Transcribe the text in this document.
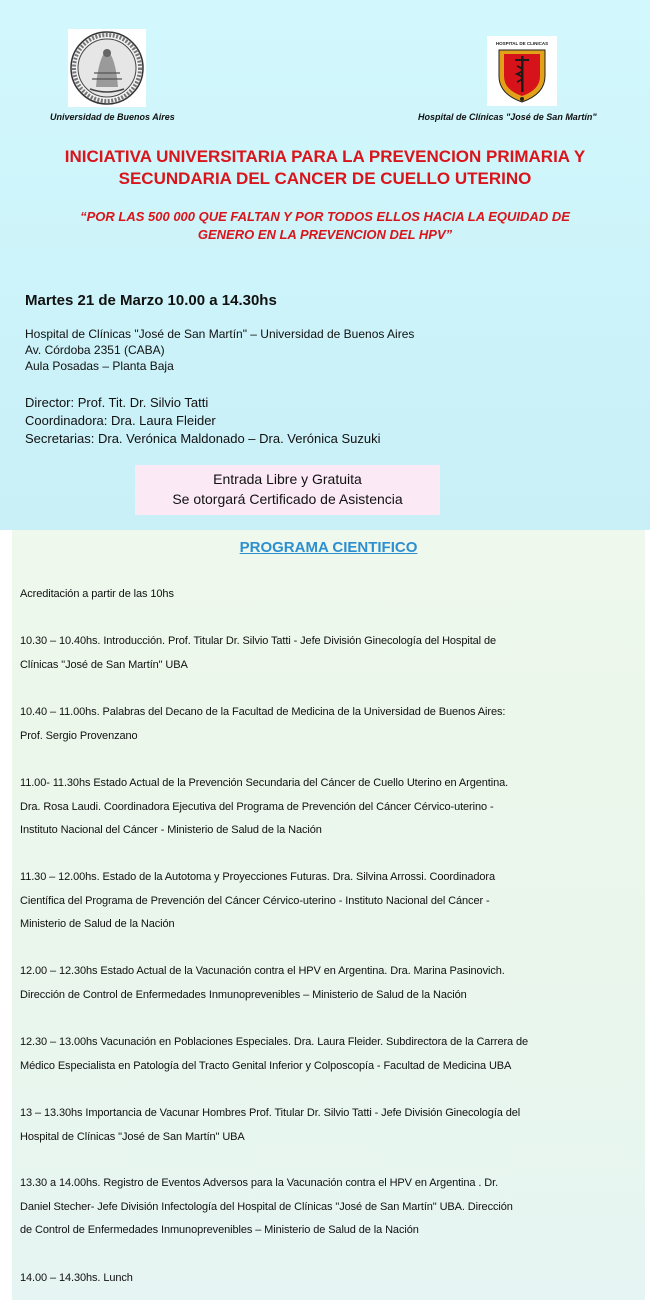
HOSPITAL DE CLINICAS
Universidad de Buenos Aires	Hospital de Clínicas "José de San Martín"
INICIATIVA UNIVERSITARIA PARA LA PREVENCION PRIMARIA Y
SECUNDARIA DEL CANCER DE CUELLO UTERINO
“POR LAS 500 000 QUE FALTAN Y POR TODOS ELLOS HACIA LA EQUIDAD DE
GENERO EN LA PREVENCION DEL HPV”
Martes 21 de Marzo 10.00 a 14.30hs
Hospital de Clínicas "José de San Martín" – Universidad de Buenos Aires
Av. Córdoba 2351 (CABA)
Aula Posadas – Planta Baja
Director: Prof. Tit. Dr. Silvio Tatti
Coordinadora: Dra. Laura Fleider
Secretarias: Dra. Verónica Maldonado – Dra. Verónica Suzuki
Entrada Libre y Gratuita
Se otorgará Certificado de Asistencia
PROGRAMA CIENTIFICO
Acreditación a partir de las 10hs
10.30 – 10.40hs. Introducción. Prof. Titular Dr. Silvio Tatti - Jefe División Ginecología del Hospital de
Clínicas "José de San Martín" UBA
10.40 – 11.00hs. Palabras del Decano de la Facultad de Medicina de la Universidad de Buenos Aires:
Prof. Sergio Provenzano
11.00- 11.30hs Estado Actual de la Prevención Secundaria del Cáncer de Cuello Uterino en Argentina.
Dra. Rosa Laudi. Coordinadora Ejecutiva del Programa de Prevención del Cáncer Cérvico-uterino -
Instituto Nacional del Cáncer - Ministerio de Salud de la Nación
11.30 – 12.00hs. Estado de la Autotoma y Proyecciones Futuras. Dra. Silvina Arrossi. Coordinadora
Científica del Programa de Prevención del Cáncer Cérvico-uterino - Instituto Nacional del Cáncer -
Ministerio de Salud de la Nación
12.00 – 12.30hs Estado Actual de la Vacunación contra el HPV en Argentina. Dra. Marina Pasinovich.
Dirección de Control de Enfermedades Inmunoprevenibles – Ministerio de Salud de la Nación
12.30 – 13.00hs Vacunación en Poblaciones Especiales. Dra. Laura Fleider. Subdirectora de la Carrera de
Médico Especialista en Patología del Tracto Genital Inferior y Colposcopía - Facultad de Medicina UBA
13 – 13.30hs Importancia de Vacunar Hombres Prof. Titular Dr. Silvio Tatti - Jefe División Ginecología del
Hospital de Clínicas "José de San Martín" UBA
13.30 a 14.00hs. Registro de Eventos Adversos para la Vacunación contra el HPV en Argentina . Dr.
Daniel Stecher- Jefe División Infectología del Hospital de Clínicas "José de San Martín" UBA. Dirección
de Control de Enfermedades Inmunoprevenibles – Ministerio de Salud de la Nación
14.00 – 14.30hs. Lunch
